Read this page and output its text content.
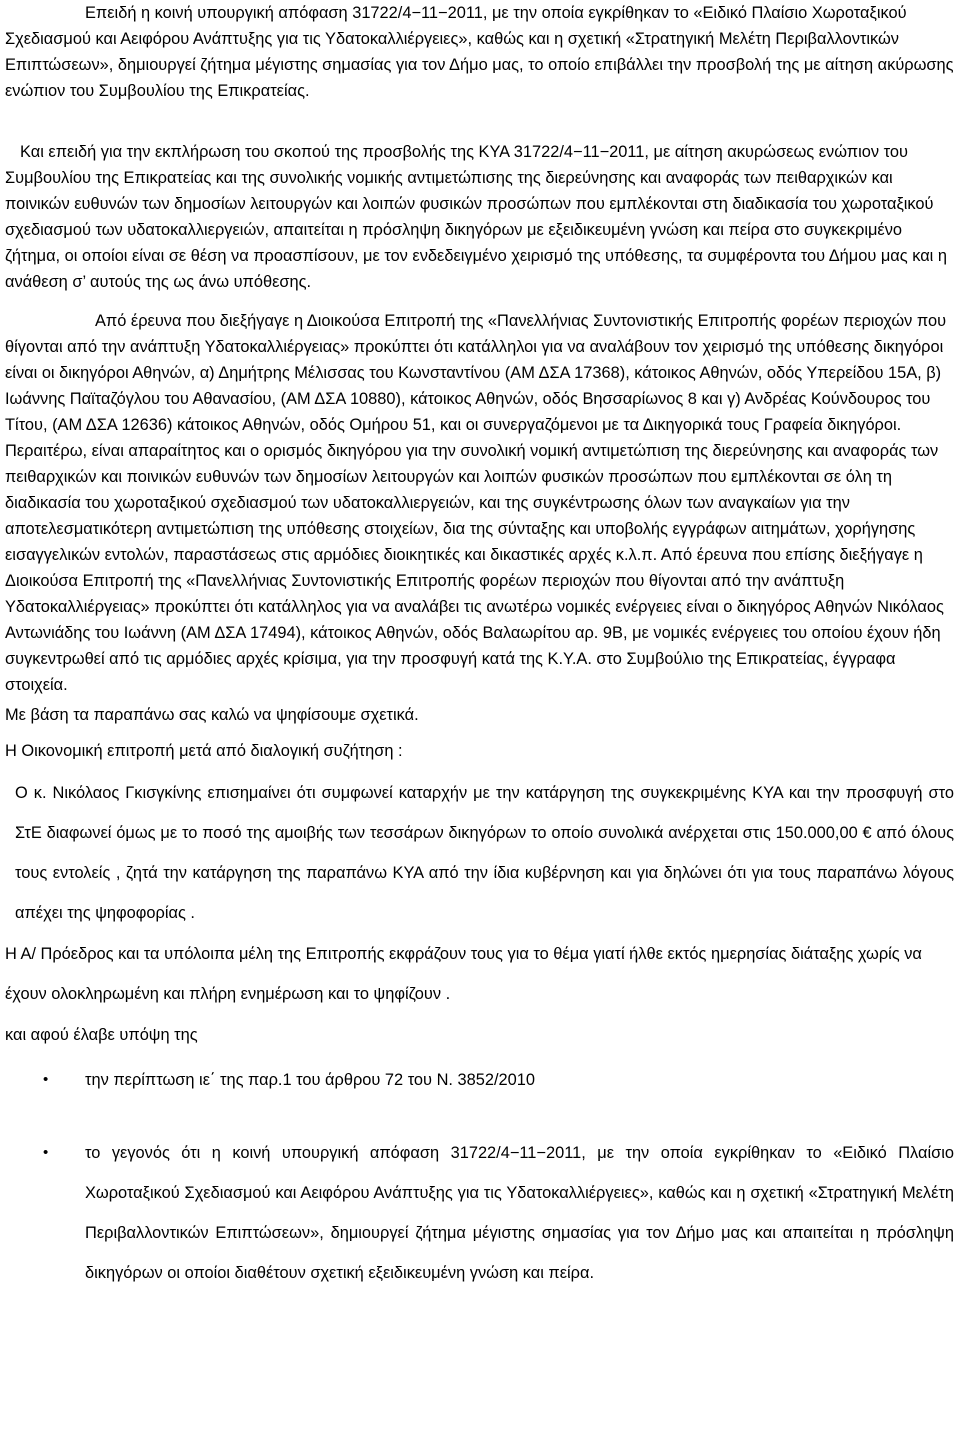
Επειδή η κοινή υπουργική απόφαση 31722/4−11−2011, με την οποία εγκρίθηκαν το «Ειδικό Πλαίσιο Χωροταξικού Σχεδιασμού και Αειφόρου Ανάπτυξης για τις Υδατοκαλλιέργειες», καθώς και η σχετική «Στρατηγική Μελέτη Περιβαλλοντικών Επιπτώσεων», δημιουργεί ζήτημα μέγιστης σημασίας για τον Δήμο μας, το οποίο επιβάλλει την προσβολή της με αίτηση ακύρωσης ενώπιον του Συμβουλίου της Επικρατείας.

Και επειδή για την εκπλήρωση του σκοπού της προσβολής της ΚΥΑ 31722/4−11−2011, με αίτηση ακυρώσεως ενώπιον του Συμβουλίου της Επικρατείας και της συνολικής νομικής αντιμετώπισης της διερεύνησης και αναφοράς των πειθαρχικών και ποινικών ευθυνών των δημοσίων λειτουργών και λοιπών φυσικών προσώπων που εμπλέκονται στη διαδικασία του χωροταξικού σχεδιασμού των υδατοκαλλιεργειών, απαιτείται η πρόσληψη δικηγόρων με εξειδικευμένη γνώση και πείρα στο συγκεκριμένο ζήτημα, οι οποίοι είναι σε θέση να προασπίσουν, με τον ενδεδειγμένο χειρισμό της υπόθεσης, τα συμφέροντα του Δήμου μας και η ανάθεση σ’ αυτούς της ως άνω υπόθεσης.

Από έρευνα που διεξήγαγε η Διοικούσα Επιτροπή της «Πανελλήνιας Συντονιστικής Επιτροπής φορέων περιοχών που θίγονται από την ανάπτυξη Υδατοκαλλιέργειας» προκύπτει ότι κατάλληλοι για να αναλάβουν τον χειρισμό της υπόθεσης δικηγόροι είναι οι δικηγόροι Αθηνών, α) Δημήτρης Μέλισσας του Κωνσταντίνου (ΑΜ ΔΣΑ 17368), κάτοικος Αθηνών, οδός Υπερείδου 15Α, β) Ιωάννης Παϊταζόγλου του Αθανασίου, (ΑΜ ΔΣΑ 10880), κάτοικος Αθηνών, οδός Βησσαρίωνος 8 και γ) Ανδρέας Κούνδουρος του Τίτου, (ΑΜ ΔΣΑ 12636) κάτοικος Αθηνών, οδός Ομήρου 51, και οι συνεργαζόμενοι με τα Δικηγορικά τους Γραφεία δικηγόροι. Περαιτέρω, είναι απαραίτητος και ο ορισμός δικηγόρου για την συνολική νομική αντιμετώπιση της διερεύνησης και αναφοράς των πειθαρχικών και ποινικών ευθυνών των δημοσίων λειτουργών και λοιπών φυσικών προσώπων που εμπλέκονται σε όλη τη διαδικασία του χωροταξικού σχεδιασμού των υδατοκαλλιεργειών, και της συγκέντρωσης όλων των αναγκαίων για την αποτελεσματικότερη αντιμετώπιση της υπόθεσης στοιχείων, δια της σύνταξης και υποβολής εγγράφων αιτημάτων, χορήγησης εισαγγελικών εντολών, παραστάσεως στις αρμόδιες διοικητικές και δικαστικές αρχές κ.λ.π. Από έρευνα που επίσης διεξήγαγε η Διοικούσα Επιτροπή της «Πανελλήνιας Συντονιστικής Επιτροπής φορέων περιοχών που θίγονται από την ανάπτυξη Υδατοκαλλιέργειας» προκύπτει ότι κατάλληλος για να αναλάβει τις ανωτέρω νομικές ενέργειες είναι ο δικηγόρος Αθηνών Νικόλαος Αντωνιάδης του Ιωάννη (ΑΜ ΔΣΑ 17494), κάτοικος Αθηνών, οδός Βαλαωρίτου αρ. 9Β, με νομικές ενέργειες του οποίου έχουν ήδη συγκεντρωθεί από τις αρμόδιες αρχές κρίσιμα, για την προσφυγή κατά της Κ.Υ.Α. στο Συμβούλιο της Επικρατείας, έγγραφα στοιχεία.

Με βάση τα παραπάνω σας καλώ να ψηφίσουμε σχετικά.

Η Οικονομική επιτροπή μετά από διαλογική συζήτηση :

Ο κ. Νικόλαος Γκισγκίνης επισημαίνει ότι συμφωνεί καταρχήν με την κατάργηση της συγκεκριμένης ΚΥΑ και την προσφυγή στο ΣτΕ διαφωνεί όμως με το ποσό της αμοιβής των τεσσάρων δικηγόρων το οποίο συνολικά ανέρχεται στις 150.000,00 € από όλους τους εντολείς , ζητά την κατάργηση της παραπάνω ΚΥΑ από την ίδια κυβέρνηση και για δηλώνει ότι για τους παραπάνω λόγους απέχει της ψηφοφορίας .

Η Α/ Πρόεδρος και τα υπόλοιπα μέλη της Επιτροπής εκφράζουν τους για το θέμα γιατί ήλθε εκτός ημερησίας διάταξης χωρίς να έχουν ολοκληρωμένη και πλήρη ενημέρωση και το ψηφίζουν .

και αφού έλαβε υπόψη της

• την περίπτωση ιε΄ της παρ.1 του άρθρου 72 του Ν. 3852/2010
• το γεγονός ότι η κοινή υπουργική απόφαση 31722/4−11−2011, με την οποία εγκρίθηκαν το «Ειδικό Πλαίσιο Χωροταξικού Σχεδιασμού και Αειφόρου Ανάπτυξης για τις Υδατοκαλλιέργειες», καθώς και η σχετική «Στρατηγική Μελέτη Περιβαλλοντικών Επιπτώσεων», δημιουργεί ζήτημα μέγιστης σημασίας για τον Δήμο μας και απαιτείται η πρόσληψη δικηγόρων οι οποίοι διαθέτουν σχετική εξειδικευμένη γνώση και πείρα.
